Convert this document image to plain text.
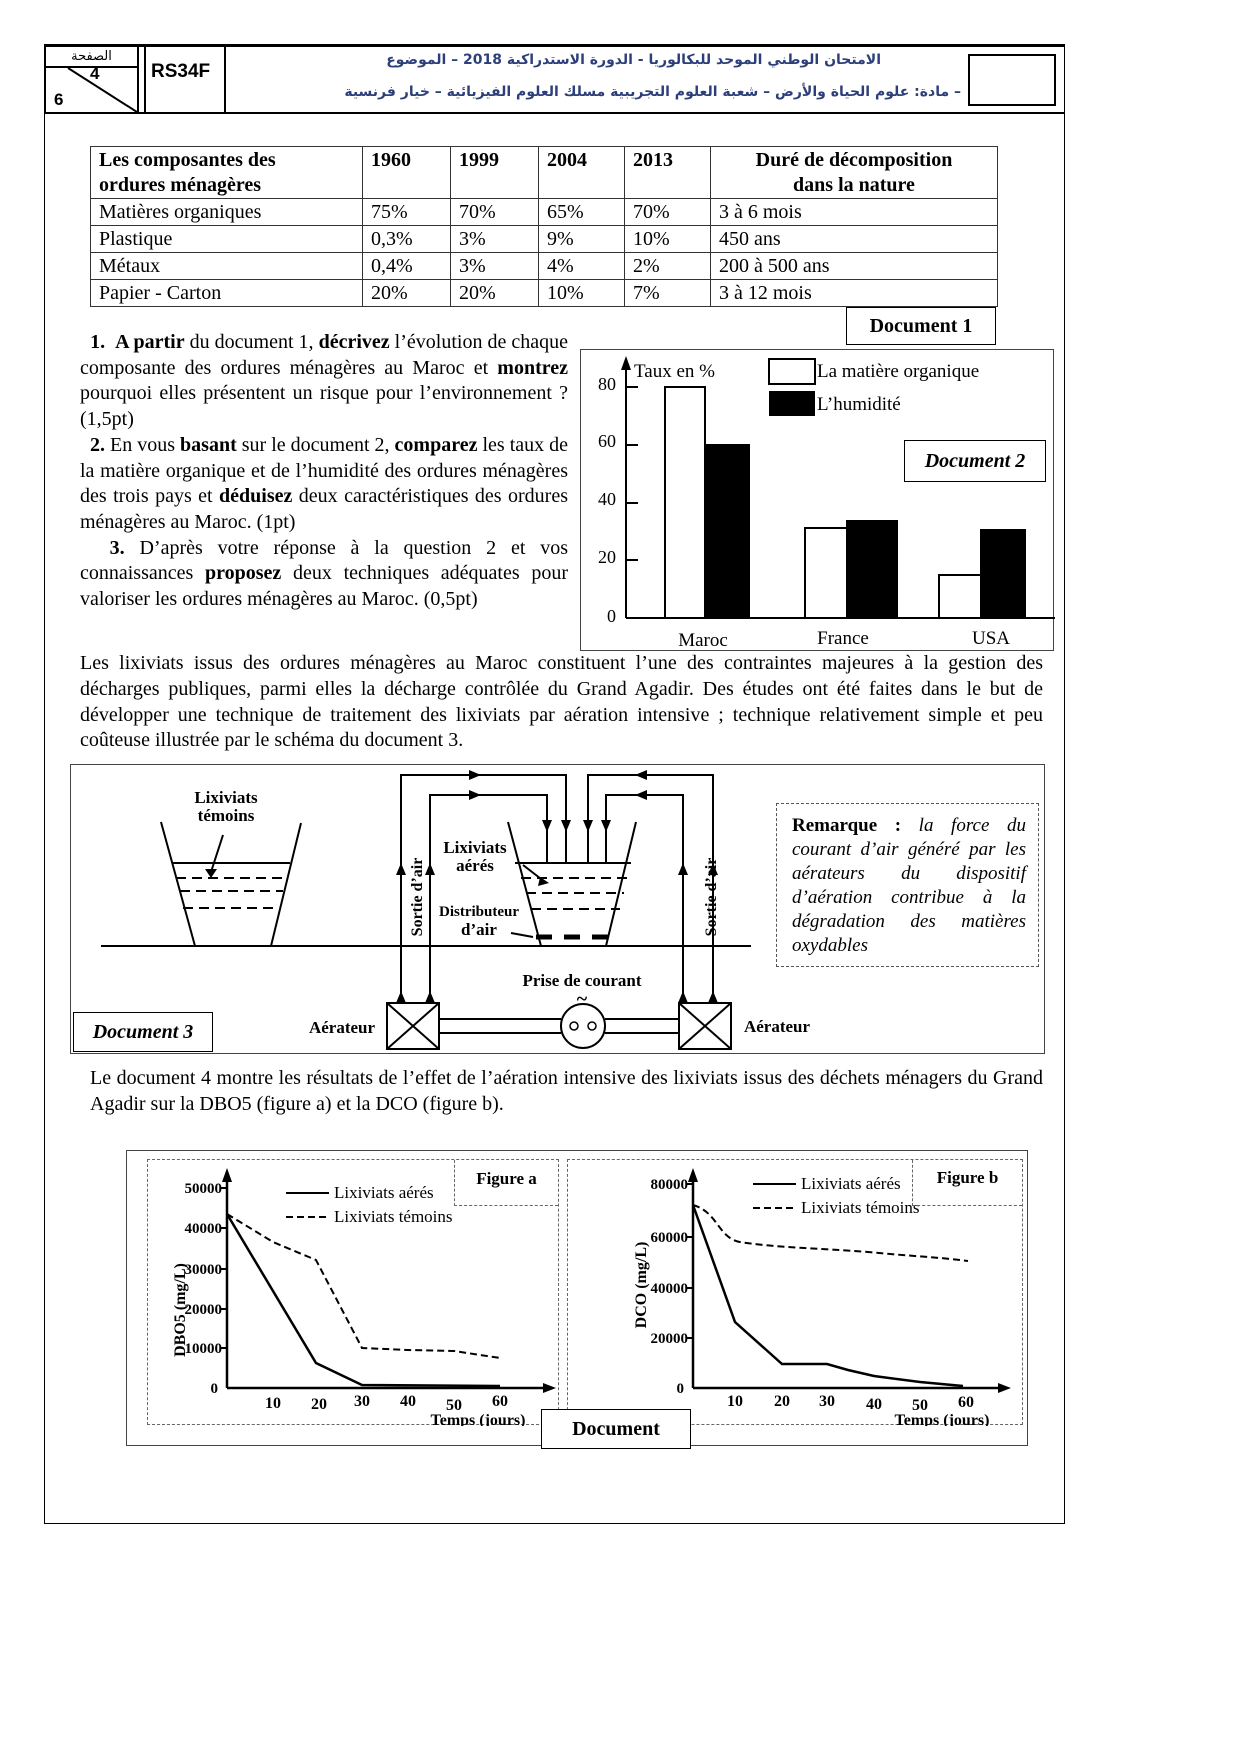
الصفحة
4
6
RS34F
الامتحان الوطني الموحد للبكالوريا - الدورة الاستدراكية 2018 – الموضوع
– مادة: علوم الحياة والأرض – شعبة العلوم التجريبية مسلك العلوم الفيزيائية – خيار فرنسية
Les composantes des
ordures ménagères	1960	1999	2004	2013	Duré de décomposition
dans la nature
Matières organiques	75%	70%	65%	70%	3 à 6 mois
Plastique	0,3%	3%	9%	10%	450 ans
Métaux	0,4%	3%	4%	2%	200 à 500 ans
Papier - Carton	20%	20%	10%	7%	3 à 12 mois
Document 1

1. A partir du document 1, décrivez l’évolution de chaque composante des ordures ménagères au Maroc et montrez pourquoi elles présentent un risque pour l’environnement ? (1,5pt)

2. En vous basant sur le document 2, comparez les taux de la matière organique et de l’humidité des ordures ménagères des trois pays et déduisez deux caractéristiques des ordures ménagères au Maroc. (1pt)

3. D’après votre réponse à la question 2 et vos connaissances proposez deux techniques adéquates pour valoriser les ordures ménagères au Maroc. (0,5pt)

80
60
40
20
0
Taux en %
Maroc	France	USA
La matière organique
L’humidité
Document 2
Les lixiviats issus des ordures ménagères au Maroc constituent l’une des contraintes majeures à la gestion des décharges publiques, parmi elles la décharge contrôlée du Grand Agadir. Des études ont été faites dans le but de développer une technique de traitement des lixiviats par aération intensive ; technique relativement simple et peu coûteuse illustrée par le schéma du document 3.
Lixiviats
témoins
Lixiviats
aérés
Distributeur
d’air
Prise de courant
~
Aérateur	Aérateur
Sortie d’air	Sortie d’air
Document 3
Remarque : la force du courant d’air généré par les aérateurs du dispositif d’aération contribue à la dégradation des matières oxydables
Le document 4 montre les résultats de l’effet de l’aération intensive des lixiviats issus des déchets ménagers du Grand Agadir sur la DBO5 (figure a) et la DCO (figure b).
50000
40000
30000
20000
10000
0
10 20 30 40 50 60
Temps (jours)
DBO5 (mg/L)
Lixiviats aérés
Lixiviats témoins
Figure a	80000
60000
40000
20000
0
10 20 30 40 50 60
Temps (jours)
DCO (mg/L)
Lixiviats aérés
Lixiviats témoins
Figure b
Document
